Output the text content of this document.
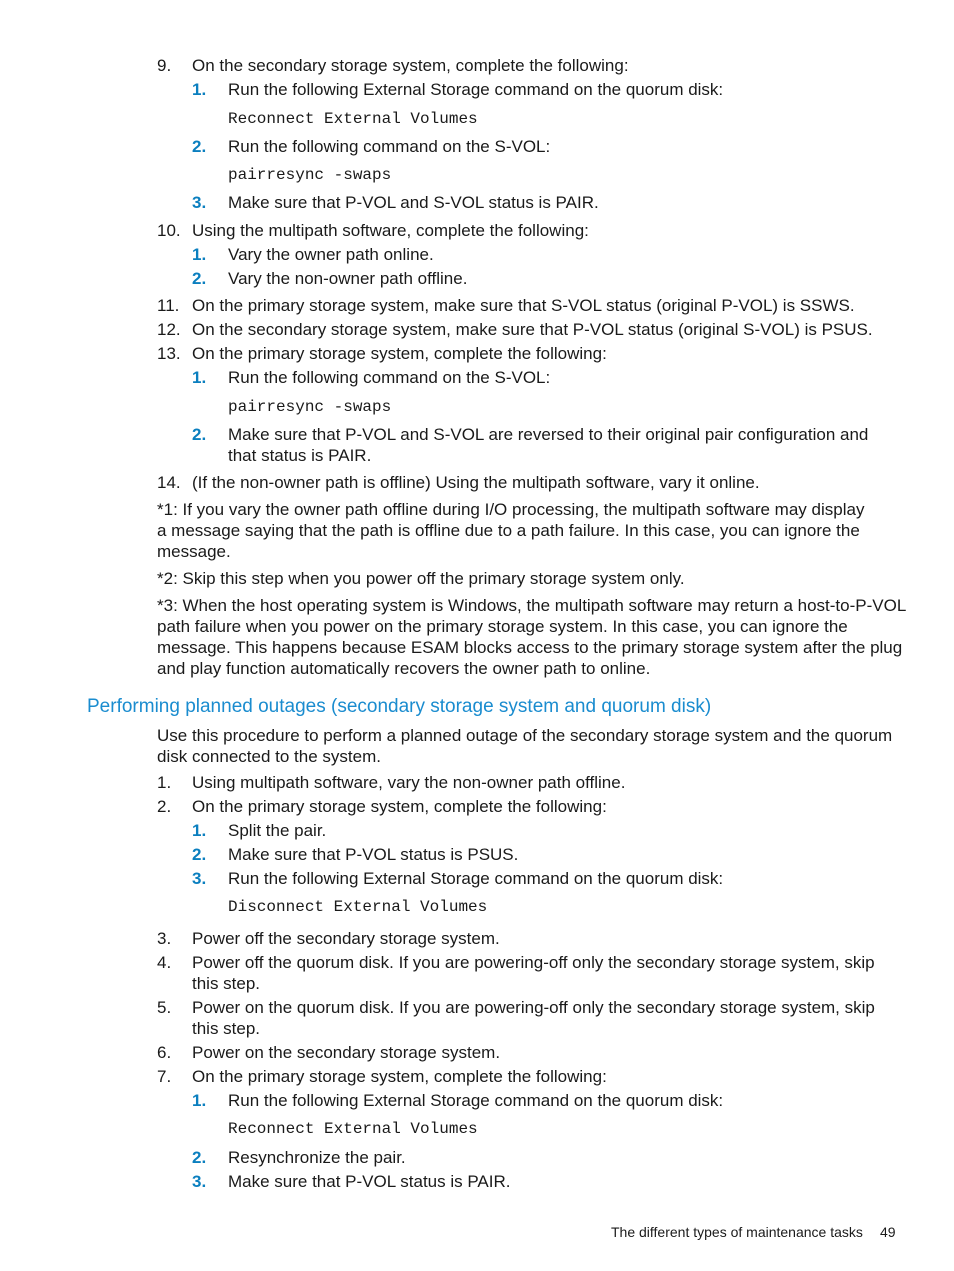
9. On the secondary storage system, complete the following:
1. Run the following External Storage command on the quorum disk:
Reconnect External Volumes
2. Run the following command on the S-VOL:
pairresync -swaps
3. Make sure that P-VOL and S-VOL status is PAIR.
10. Using the multipath software, complete the following:
1. Vary the owner path online.
2. Vary the non-owner path offline.
11. On the primary storage system, make sure that S-VOL status (original P-VOL) is SSWS.
12. On the secondary storage system, make sure that P-VOL status (original S-VOL) is PSUS.
13. On the primary storage system, complete the following:
1. Run the following command on the S-VOL:
pairresync -swaps
2. Make sure that P-VOL and S-VOL are reversed to their original pair configuration and
that status is PAIR.
14. (If the non-owner path is offline) Using the multipath software, vary it online.
*1: If you vary the owner path offline during I/O processing, the multipath software may display
a message saying that the path is offline due to a path failure. In this case, you can ignore the
message.
*2: Skip this step when you power off the primary storage system only.
*3: When the host operating system is Windows, the multipath software may return a host-to-P-VOL
path failure when you power on the primary storage system. In this case, you can ignore the
message. This happens because ESAM blocks access to the primary storage system after the plug
and play function automatically recovers the owner path to online.
Performing planned outages (secondary storage system and quorum disk)
Use this procedure to perform a planned outage of the secondary storage system and the quorum
disk connected to the system.
1. Using multipath software, vary the non-owner path offline.
2. On the primary storage system, complete the following:
1. Split the pair.
2. Make sure that P-VOL status is PSUS.
3. Run the following External Storage command on the quorum disk:
Disconnect External Volumes
3. Power off the secondary storage system.
4. Power off the quorum disk. If you are powering-off only the secondary storage system, skip
this step.
5. Power on the quorum disk. If you are powering-off only the secondary storage system, skip
this step.
6. Power on the secondary storage system.
7. On the primary storage system, complete the following:
1. Run the following External Storage command on the quorum disk:
Reconnect External Volumes
2. Resynchronize the pair.
3. Make sure that P-VOL status is PAIR.
The different types of maintenance tasks 49
